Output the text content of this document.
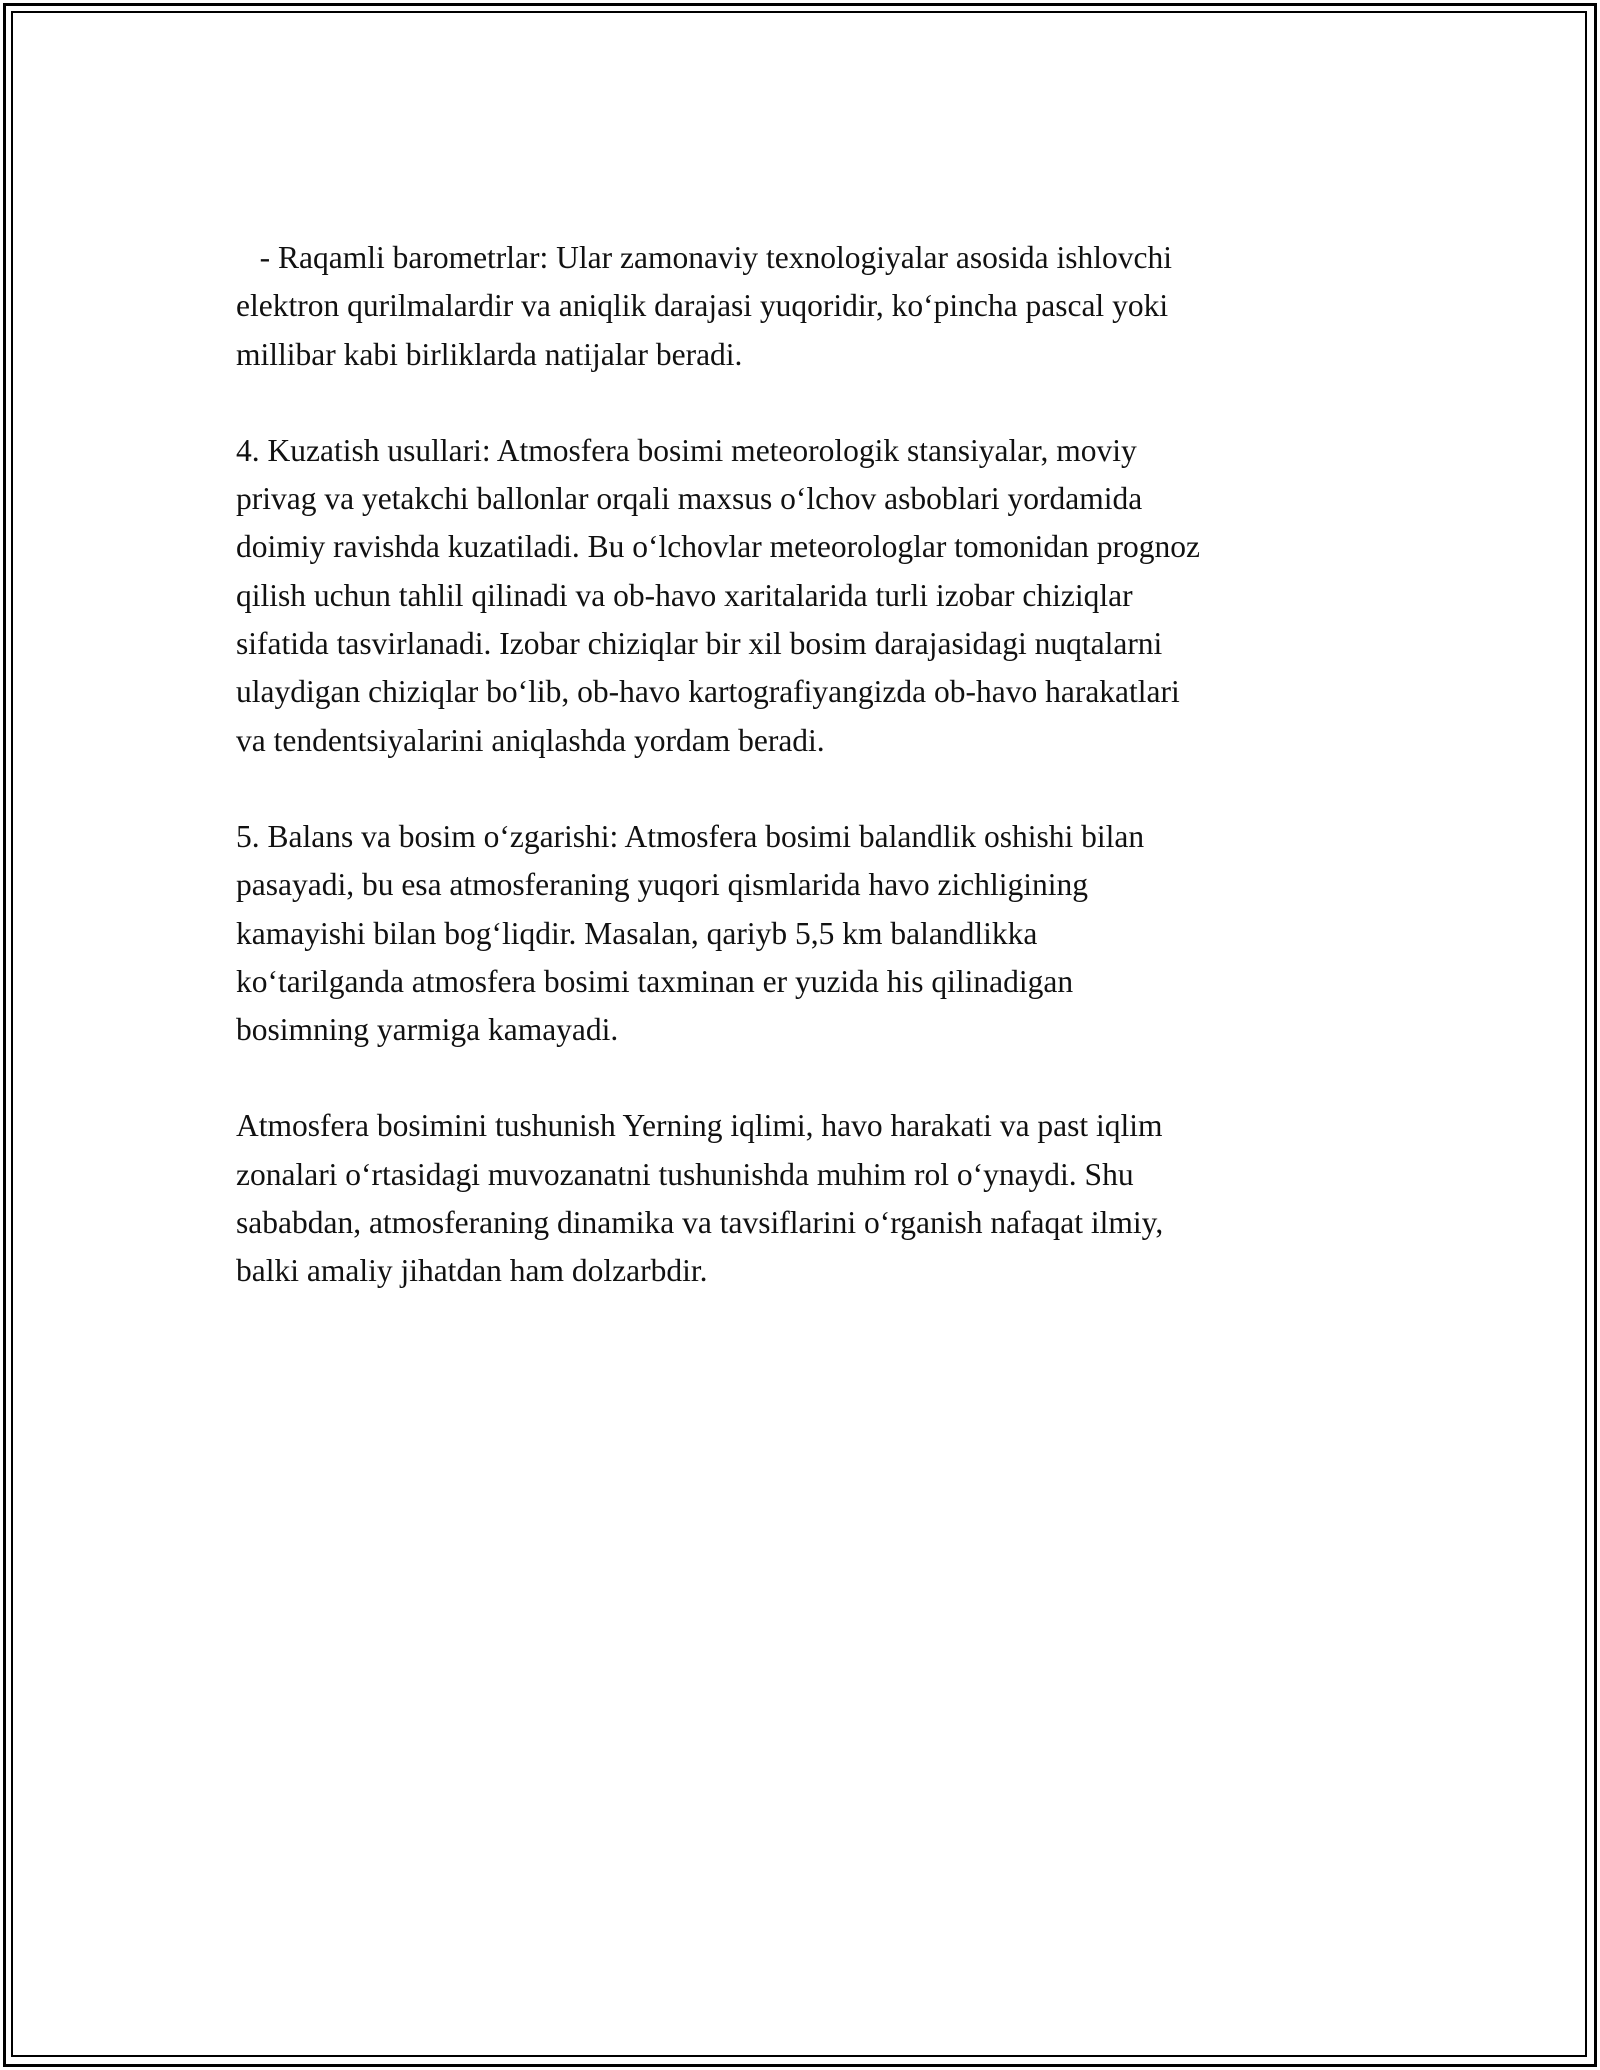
- Raqamli barometrlar: Ular zamonaviy texnologiyalar asosida ishlovchi
elektron qurilmalardir va aniqlik darajasi yuqoridir, koʻpincha pascal yoki
millibar kabi birliklarda natijalar beradi.

4. Kuzatish usullari: Atmosfera bosimi meteorologik stansiyalar, moviy
privag va yetakchi ballonlar orqali maxsus oʻlchov asboblari yordamida
doimiy ravishda kuzatiladi. Bu oʻlchovlar meteorologlar tomonidan prognoz
qilish uchun tahlil qilinadi va ob-havo xaritalarida turli izobar chiziqlar
sifatida tasvirlanadi. Izobar chiziqlar bir xil bosim darajasidagi nuqtalarni
ulaydigan chiziqlar boʻlib, ob-havo kartografiyangizda ob-havo harakatlari
va tendentsiyalarini aniqlashda yordam beradi.

5. Balans va bosim oʻzgarishi: Atmosfera bosimi balandlik oshishi bilan
pasayadi, bu esa atmosferaning yuqori qismlarida havo zichligining
kamayishi bilan bogʻliqdir. Masalan, qariyb 5,5 km balandlikka
koʻtarilganda atmosfera bosimi taxminan er yuzida his qilinadigan
bosimning yarmiga kamayadi.

Atmosfera bosimini tushunish Yerning iqlimi, havo harakati va past iqlim
zonalari oʻrtasidagi muvozanatni tushunishda muhim rol oʻynaydi. Shu
sababdan, atmosferaning dinamika va tavsiflarini oʻrganish nafaqat ilmiy,
balki amaliy jihatdan ham dolzarbdir.
